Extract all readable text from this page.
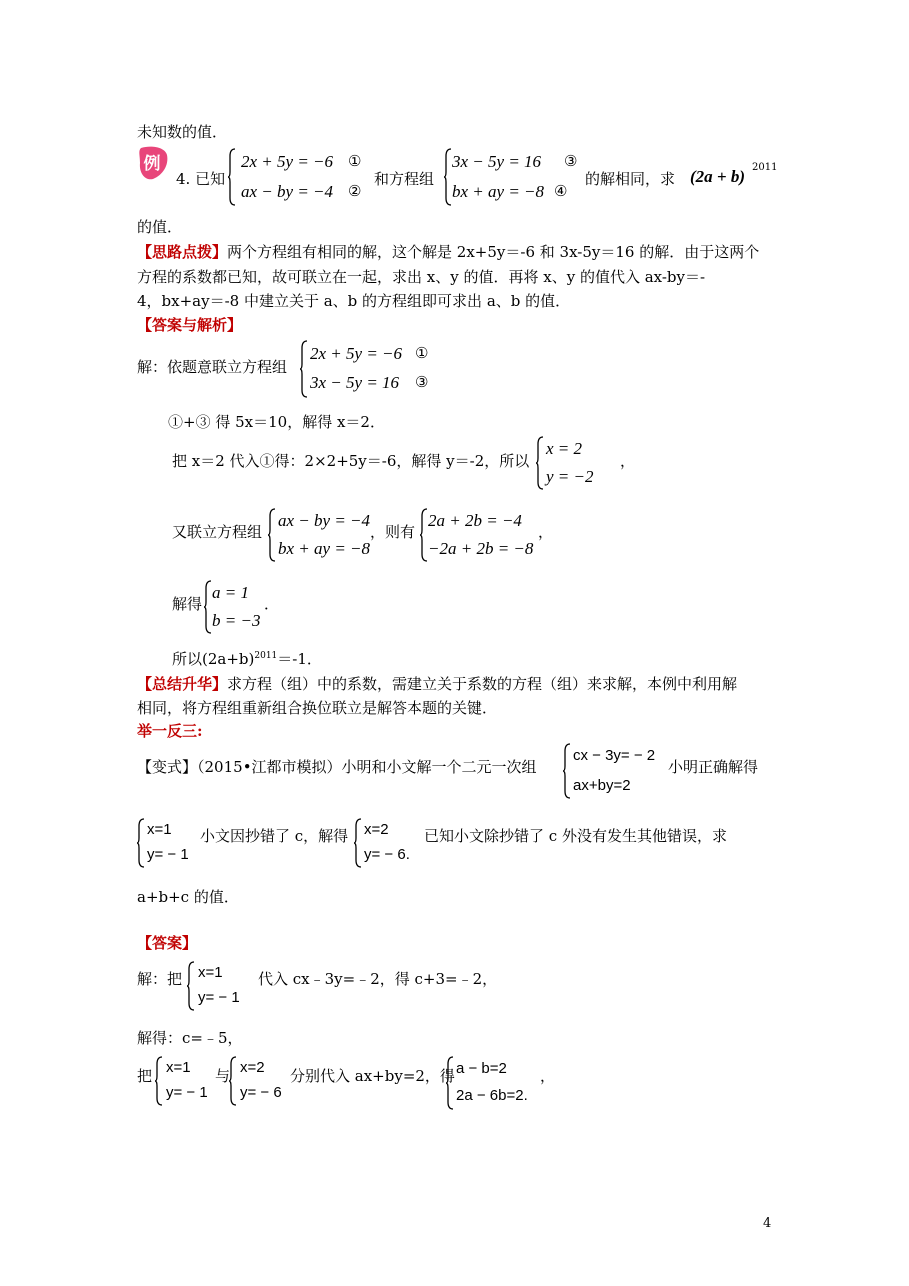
未知数的值．
例
4. 已知
2x + 5y = −6 ①
ax − by = −4 ②
和方程组
3x − 5y = 16 ③
bx + ay = −8 ④
的解相同，求 (2a + b) 2011
的值．
【思路点拨】两个方程组有相同的解，这个解是 2x+5y＝-6 和 3x-5y＝16 的解．由于这两个
方程的系数都已知，故可联立在一起，求出 x、y 的值．再将 x、y 的值代入 ax-by＝-
4，bx+ay＝-8 中建立关于 a、b 的方程组即可求出 a、b 的值．
【答案与解析】
解：依题意联立方程组
2x + 5y = −6 ①
3x − 5y = 16 ③
①+③ 得 5x＝10，解得 x＝2．
把 x＝2 代入①得：2×2+5y＝-6，解得 y＝-2，所以
x = 2
y = −2
，
又联立方程组
ax − by = −4
bx + ay = −8
，则有
2a + 2b = −4
−2a + 2b = −8
，
解得
a = 1
b = −3
．
所以$(2a+b)^{2011}=-1$．
【总结升华】求方程（组）中的系数，需建立关于系数的方程（组）来求解，本例中利用解
相同，将方程组重新组合换位联立是解答本题的关键．
举一反三:
【变式】（2015•江都市模拟）小明和小文解一个二元一次组
cx − 3y= − 2
ax+by=2
小明正确解得
x=1
y= − 1
小文因抄错了 c，解得 x=2
y= − 6.
已知小文除抄错了 c 外没有发生其他错误，求
a+b+c 的值．
【答案】
解：把 x=1
y= − 1
代入 cx﹣3y=﹣2，得 c+3=﹣2，
解得：c=﹣5，
把 x=1
y= − 1
与 x=2
y= − 6
分别代入 ax+by=2，得 a − b=2
2a − 6b=2.
，
4
